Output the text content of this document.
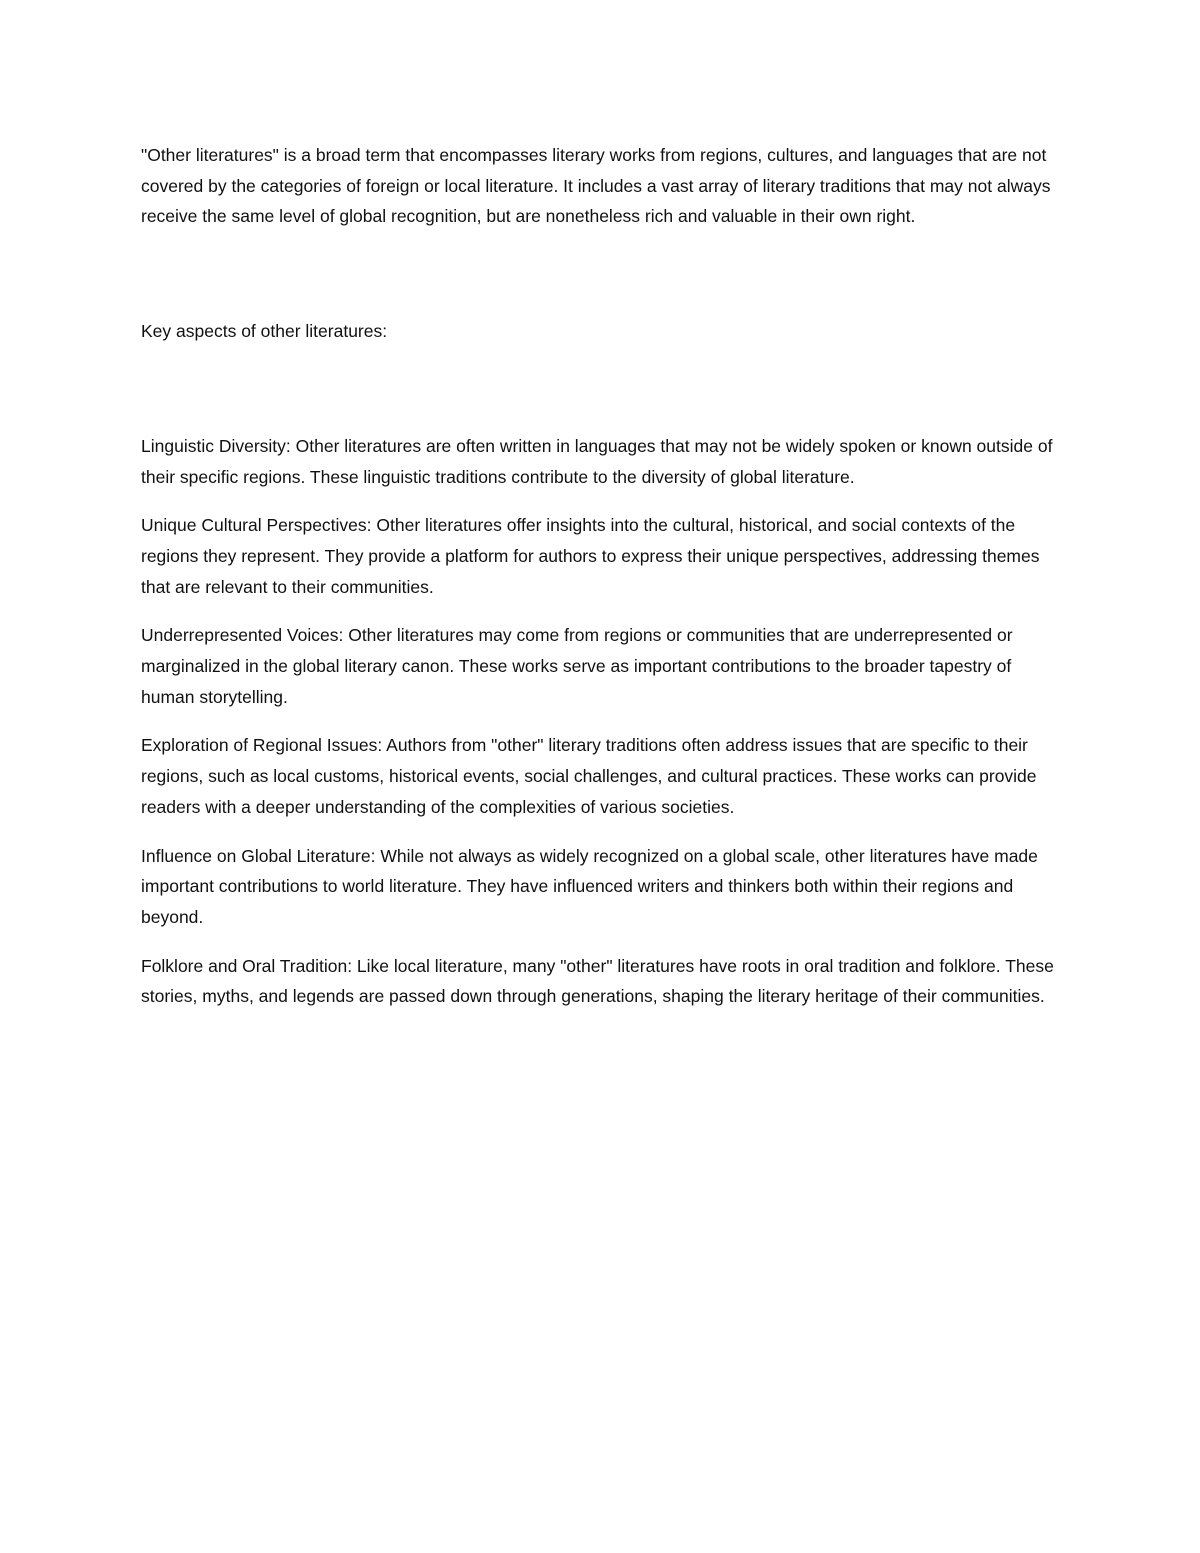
"Other literatures" is a broad term that encompasses literary works from regions, cultures, and languages that are not covered by the categories of foreign or local literature. It includes a vast array of literary traditions that may not always receive the same level of global recognition, but are nonetheless rich and valuable in their own right.

Key aspects of other literatures:

Linguistic Diversity: Other literatures are often written in languages that may not be widely spoken or known outside of their specific regions. These linguistic traditions contribute to the diversity of global literature.

Unique Cultural Perspectives: Other literatures offer insights into the cultural, historical, and social contexts of the regions they represent. They provide a platform for authors to express their unique perspectives, addressing themes that are relevant to their communities.

Underrepresented Voices: Other literatures may come from regions or communities that are underrepresented or marginalized in the global literary canon. These works serve as important contributions to the broader tapestry of human storytelling.

Exploration of Regional Issues: Authors from "other" literary traditions often address issues that are specific to their regions, such as local customs, historical events, social challenges, and cultural practices. These works can provide readers with a deeper understanding of the complexities of various societies.

Influence on Global Literature: While not always as widely recognized on a global scale, other literatures have made important contributions to world literature. They have influenced writers and thinkers both within their regions and beyond.

Folklore and Oral Tradition: Like local literature, many "other" literatures have roots in oral tradition and folklore. These stories, myths, and legends are passed down through generations, shaping the literary heritage of their communities.
